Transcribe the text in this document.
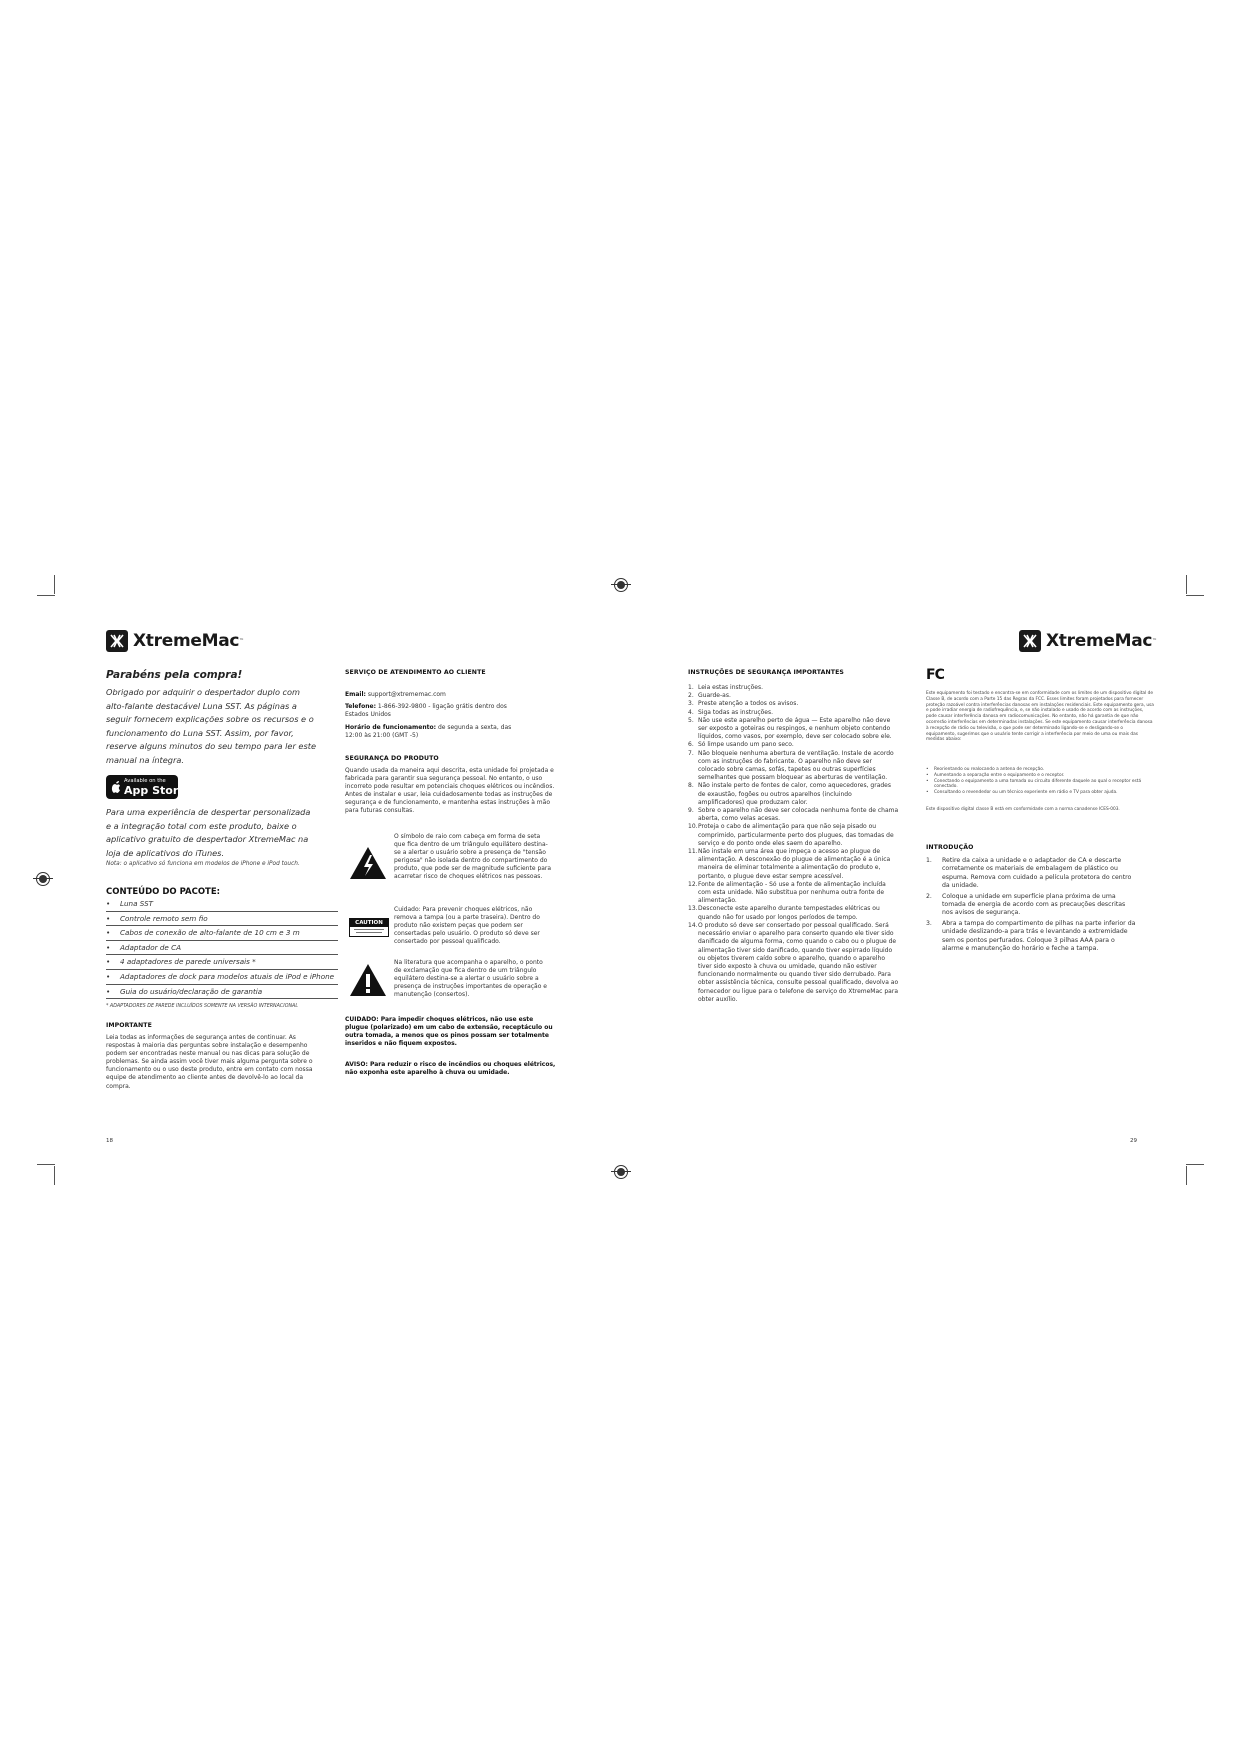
XtremeMac ™
Parabéns pela compra!
Obrigado por adquirir o despertador duplo com alto-falante destacável Luna SST. As páginas a seguir fornecem explicações sobre os recursos e o funcionamento do Luna SST. Assim, por favor, reserve alguns minutos do seu tempo para ler este manual na íntegra.
Available on the
App Store
Para uma experiência de despertar personalizada e a integração total com este produto, baixe o aplicativo gratuito de despertador XtremeMac na loja de aplicativos do iTunes.
Nota: o aplicativo só funciona em modelos de iPhone e iPod touch.
CONTEÚDO DO PACOTE:
• Luna SST
• Controle remoto sem fio
• Cabos de conexão de alto-falante de 10 cm e 3 m
• Adaptador de CA
• 4 adaptadores de parede universais *
• Adaptadores de dock para modelos atuais de iPod e iPhone
• Guia do usuário/declaração de garantia
* ADAPTADORES DE PAREDE INCLUÍDOS SOMENTE NA VERSÃO INTERNACIONAL
IMPORTANTE
Leia todas as informações de segurança antes de continuar. As respostas à maioria das perguntas sobre instalação e desempenho podem ser encontradas neste manual ou nas dicas para solução de problemas. Se ainda assim você tiver mais alguma pergunta sobre o funcionamento ou o uso deste produto, entre em contato com nossa equipe de atendimento ao cliente antes de devolvê-lo ao local da compra.
18
SERVIÇO DE ATENDIMENTO AO CLIENTE
Email: support@xtrememac.com
Telefone: 1-866-392-9800 - ligação grátis dentro dos Estados Unidos
Horário de funcionamento: de segunda a sexta, das 12:00 às 21:00 (GMT -5)
SEGURANÇA DO PRODUTO
Quando usada da maneira aqui descrita, esta unidade foi projetada e fabricada para garantir sua segurança pessoal. No entanto, o uso incorreto pode resultar em potenciais choques elétricos ou incêndios. Antes de instalar e usar, leia cuidadosamente todas as instruções de segurança e de funcionamento, e mantenha estas instruções à mão para futuras consultas.
O símbolo de raio com cabeça em forma de seta que fica dentro de um triângulo equilátero destina-se a alertar o usuário sobre a presença de "tensão perigosa" não isolada dentro do compartimento do produto, que pode ser de magnitude suficiente para acarretar risco de choques elétricos nas pessoas.
CAUTION
Cuidado: Para prevenir choques elétricos, não remova a tampa (ou a parte traseira). Dentro do produto não existem peças que podem ser consertadas pelo usuário. O produto só deve ser consertado por pessoal qualificado.
Na literatura que acompanha o aparelho, o ponto de exclamação que fica dentro de um triângulo equilátero destina-se a alertar o usuário sobre a presença de instruções importantes de operação e manutenção (consertos).
CUIDADO: Para impedir choques elétricos, não use este plugue (polarizado) em um cabo de extensão, receptáculo ou outra tomada, a menos que os pinos possam ser totalmente inseridos e não fiquem expostos.
AVISO: Para reduzir o risco de incêndios ou choques elétricos, não exponha este aparelho à chuva ou umidade.
INSTRUÇÕES DE SEGURANÇA IMPORTANTES
1. Leia estas instruções.
2. Guarde-as.
3. Preste atenção a todos os avisos.
4. Siga todas as instruções.
5. Não use este aparelho perto de água — Este aparelho não deve ser exposto a goteiras ou respingos, e nenhum objeto contendo líquidos, como vasos, por exemplo, deve ser colocado sobre ele.
6. Só limpe usando um pano seco.
7. Não bloqueie nenhuma abertura de ventilação. Instale de acordo com as instruções do fabricante. O aparelho não deve ser colocado sobre camas, sofás, tapetes ou outras superfícies semelhantes que possam bloquear as aberturas de ventilação.
8. Não instale perto de fontes de calor, como aquecedores, grades de exaustão, fogões ou outros aparelhos (incluindo amplificadores) que produzam calor.
9. Sobre o aparelho não deve ser colocada nenhuma fonte de chama aberta, como velas acesas.
10. Proteja o cabo de alimentação para que não seja pisado ou comprimido, particularmente perto dos plugues, das tomadas de serviço e do ponto onde eles saem do aparelho.
11. Não instale em uma área que impeça o acesso ao plugue de alimentação. A desconexão do plugue de alimentação é a única maneira de eliminar totalmente a alimentação do produto e, portanto, o plugue deve estar sempre acessível.
12. Fonte de alimentação - Só use a fonte de alimentação incluída com esta unidade. Não substitua por nenhuma outra fonte de alimentação.
13. Desconecte este aparelho durante tempestades elétricas ou quando não for usado por longos períodos de tempo.
14. O produto só deve ser consertado por pessoal qualificado. Será necessário enviar o aparelho para conserto quando ele tiver sido danificado de alguma forma, como quando o cabo ou o plugue de alimentação tiver sido danificado, quando tiver espirrado líquido ou objetos tiverem caído sobre o aparelho, quando o aparelho tiver sido exposto à chuva ou umidade, quando não estiver funcionando normalmente ou quando tiver sido derrubado. Para obter assistência técnica, consulte pessoal qualificado, devolva ao fornecedor ou ligue para o telefone de serviço do XtremeMac para obter auxílio.
XtremeMac ™
FC
Este equipamento foi testado e encontra-se em conformidade com os limites de um dispositivo digital de Classe B, de acordo com a Parte 15 das Regras da FCC. Esses limites foram projetados para fornecer proteção razoável contra interferências danosas em instalações residenciais. Este equipamento gera, usa e pode irradiar energia de radiofrequência, e, se não instalado e usado de acordo com as instruções, pode causar interferência danosa em radiocomunicações. No entanto, não há garantia de que não ocorrerão interferências em determinadas instalações. Se este equipamento causar interferência danosa à recepção de rádio ou televisão, o que pode ser determinado ligando-se e desligando-se o equipamento, sugerimos que o usuário tente corrigir a interferência por meio de uma ou mais das medidas abaixo:
• Reorientando ou realocando a antena de recepção.
• Aumentando a separação entre o equipamento e o receptor.
• Conectando o equipamento a uma tomada ou circuito diferente daquele ao qual o receptor está conectado.
• Consultando o revendedor ou um técnico experiente em rádio e TV para obter ajuda.
Este dispositivo digital classe B está em conformidade com a norma canadense ICES-003.
INTRODUÇÃO
1. Retire da caixa a unidade e o adaptador de CA e descarte corretamente os materiais de embalagem de plástico ou espuma. Remova com cuidado a película protetora do centro da unidade.
2. Coloque a unidade em superfície plana próxima de uma tomada de energia de acordo com as precauções descritas nos avisos de segurança.
3. Abra a tampa do compartimento de pilhas na parte inferior da unidade deslizando-a para trás e levantando a extremidade sem os pontos perfurados. Coloque 3 pilhas AAA para o alarme e manutenção do horário e feche a tampa.
29
